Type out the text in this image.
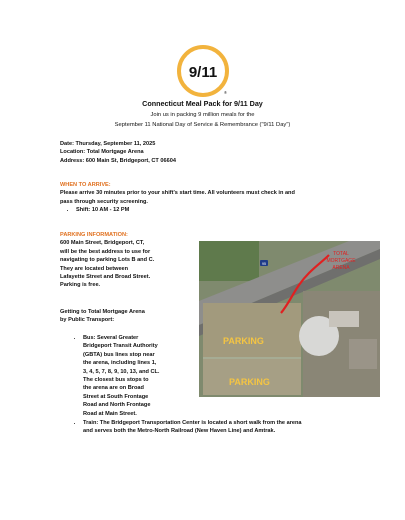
9/11
®
Connecticut Meal Pack for 9/11 Day
Join us in packing 9 million meals for the
September 11 National Day of Service & Remembrance ("9/11 Day")
Date: Thursday, September 11, 2025
Location: Total Mortgage Arena
Address: 600 Main St, Bridgeport, CT 06604
WHEN TO ARRIVE:
Please arrive 30 minutes prior to your shift's start time. All volunteers must check in and
pass through security screening.
• Shift: 10 AM - 12 PM
PARKING INFORMATION:
600 Main Street, Bridgeport, CT,
will be the best address to use for
navigating to parking Lots B and C.
They are located between
Lafayette Street and Broad Street.
Parking is free.
Getting to Total Mortgage Arena
by Public Transport:
• Bus: Several Greater
Bridgeport Transit Authority
(GBTA) bus lines stop near
the arena, including lines 1,
3, 4, 5, 7, 8, 9, 10, 13, and CL.
The closest bus stops to
the arena are on Broad
Street at South Frontage
Road and North Frontage
Road at Main Street.
• Train: The Bridgeport Transportation Center is located a short walk from the arena
and serves both the Metro-North Railroad (New Haven Line) and Amtrak.
95
PARKING
PARKING
TOTAL
MORTGAGE
ARENA
